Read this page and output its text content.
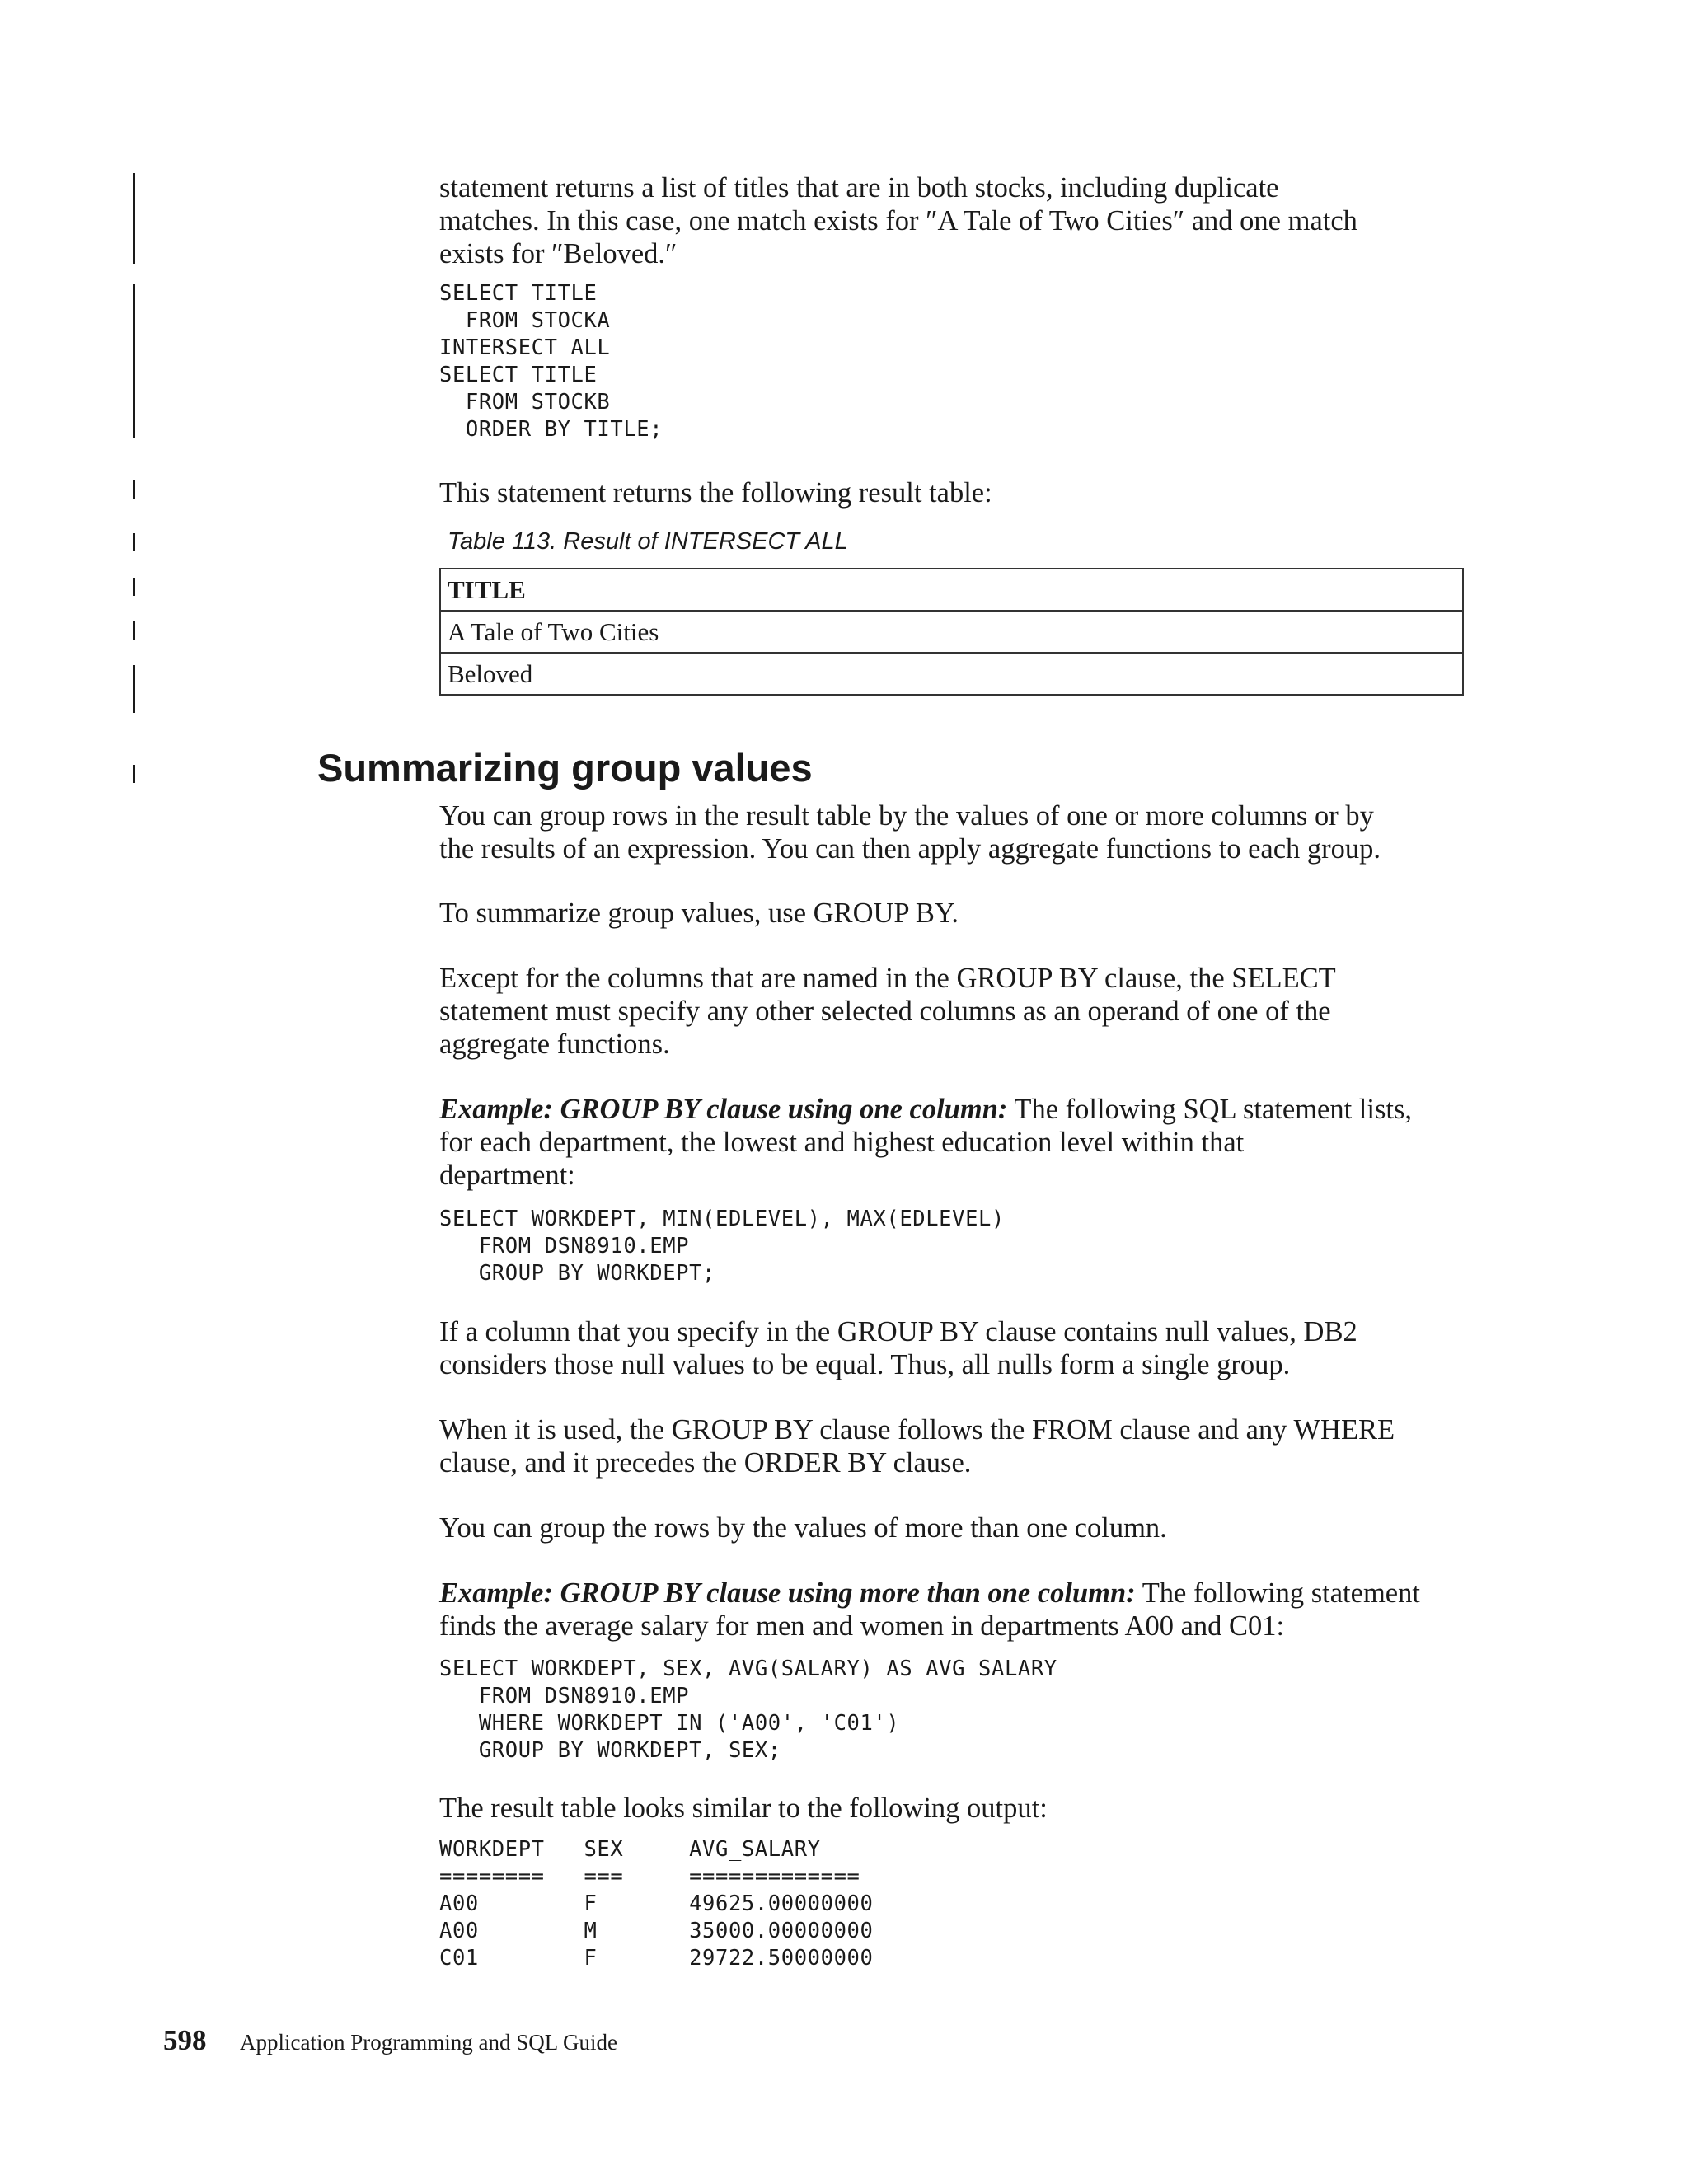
statement returns a list of titles that are in both stocks, including duplicate
matches. In this case, one match exists for ″A Tale of Two Cities″ and one match
exists for ″Beloved.″

SELECT TITLE
FROM STOCKA
INTERSECT ALL
SELECT TITLE
FROM STOCKB
ORDER BY TITLE;

This statement returns the following result table:

Table 113. Result of INTERSECT ALL

TITLE
A Tale of Two Cities
Beloved
Summarizing group values

You can group rows in the result table by the values of one or more columns or by
the results of an expression. You can then apply aggregate functions to each group.

To summarize group values, use GROUP BY.

Except for the columns that are named in the GROUP BY clause, the SELECT
statement must specify any other selected columns as an operand of one of the
aggregate functions.

Example: GROUP BY clause using one column: The following SQL statement lists,
for each department, the lowest and highest education level within that
department:

SELECT WORKDEPT, MIN(EDLEVEL), MAX(EDLEVEL)
FROM DSN8910.EMP
GROUP BY WORKDEPT;

If a column that you specify in the GROUP BY clause contains null values, DB2
considers those null values to be equal. Thus, all nulls form a single group.

When it is used, the GROUP BY clause follows the FROM clause and any WHERE
clause, and it precedes the ORDER BY clause.

You can group the rows by the values of more than one column.

Example: GROUP BY clause using more than one column: The following statement
finds the average salary for men and women in departments A00 and C01:

SELECT WORKDEPT, SEX, AVG(SALARY) AS AVG_SALARY
FROM DSN8910.EMP
WHERE WORKDEPT IN ('A00', 'C01')
GROUP BY WORKDEPT, SEX;

The result table looks similar to the following output:

WORKDEPT   SEX     AVG_SALARY
========   ===     =============
A00        F       49625.00000000
A00        M       35000.00000000
C01        F       29722.50000000
598 Application Programming and SQL Guide
